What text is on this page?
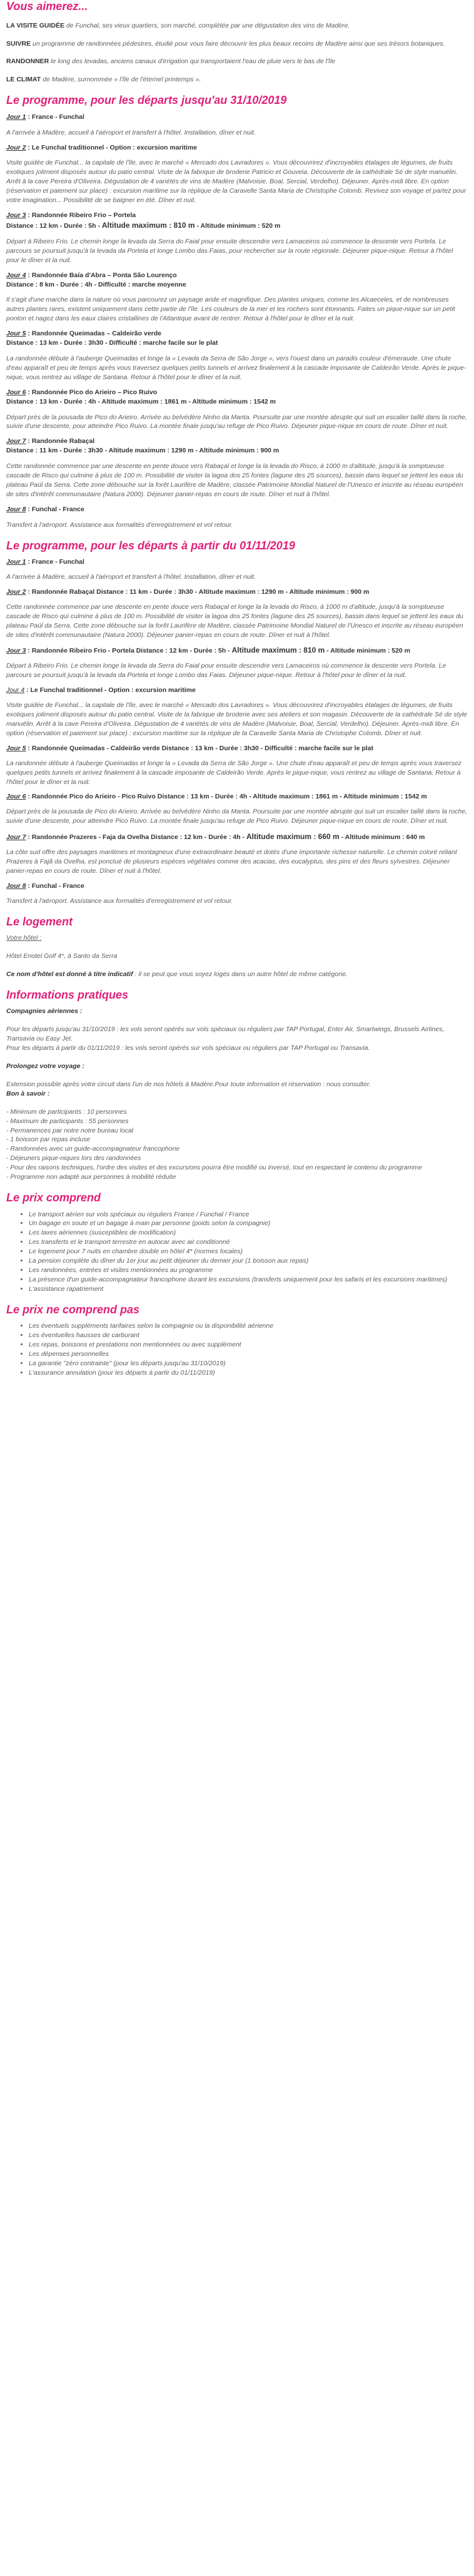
Vous aimerez...

LA VISITE GUIDÉE de Funchal, ses vieux quartiers, son marché, complétée par une dégustation des vins de Madère.

SUIVRE un programme de randonnées pédestres, étudié pour vous faire découvrir les plus beaux recoins de Madère ainsi que ses trésors botaniques.

RANDONNER le long des levadas, anciens canaux d'irrigation qui transportaient l'eau de pluie vers le bas de l'île

LE CLIMAT de Madère, surnommée « l'île de l'éternel printemps ».

Le programme, pour les départs jusqu'au 31/10/2019

Jour 1 : France - Funchal

A l'arrivée à Madère, accueil à l'aéroport et transfert à l'hôtel. Installation, dîner et nuit.

Jour 2 : Le Funchal traditionnel - Option : excursion maritime

Visite guidée de Funchal... la capitale de l'île, avec le marché « Mercado dos Lavradores ». Vous découvrirez d'incroyables étalages de légumes, de fruits exotiques joliment disposés autour du patio central. Visite de la fabrique de broderie Patricio et Gouveia. Découverte de la cathédrale Sé de style manuélin. Arrêt à la cave Pereira d'Oliveira. Dégustation de 4 variétés de vins de Madère (Malvoisie, Boal, Sercial, Verdelho). Déjeuner. Après-midi libre. En option (réservation et paiement sur place) : excursion maritime sur la réplique de la Caravelle Santa Maria de Christophe Colomb. Revivez son voyage et partez pour votre imagination... Possibilité de se baigner en été. Dîner et nuit.

Jour 3 : Randonnée Ribeiro Frio – Portela

Distance : 12 km - Durée : 5h - Altitude maximum : 810 m - Altitude minimum : 520 m

Départ à Ribeiro Frio. Le chemin longe la levada da Serra do Faial pour ensuite descendre vers Lamaceiros où commence la descente vers Portela. Le parcours se poursuit jusqu'à la levada da Portela et longe Lombo das Faias, pour rechercher sur la route régionale. Déjeuner pique-nique. Retour à l'hôtel pour le dîner et la nuit.

Jour 4 : Randonnée Baía d'Abra – Ponta São Lourenço

Distance : 8 km - Durée : 4h - Difficulté : marche moyenne

Il s'agit d'une marche dans la nature où vous parcourez un paysage aride et magnifique. Des plantes uniques, comme les Alcaeceles, et de nombreuses autres plantes rares, existent uniquement dans cette partie de l'île. Les couleurs de la mer et les rochers sont étonnants. Faites un pique-nique sur un petit ponton et nagez dans les eaux claires cristallines de l'Atlantique avant de rentrer. Retour à l'hôtel pour le dîner et la nuit.

Jour 5 : Randonnée Queimadas – Caldeirão verde

Distance : 13 km - Durée : 3h30 - Difficulté : marche facile sur le plat

La randonnée débute à l'auberge Queimadas et longe la « Levada da Serra de São Jorge », vers l'ouest dans un paradis couleur d'émeraude. Une chute d'eau apparaît et peu de temps après vous traversez quelques petits tunnels et arrivez finalement à la cascade imposante de Caldeirão Verde. Après le pique-nique, vous rentrez au village de Santana. Retour à l'hôtel pour le dîner et la nuit.

Jour 6 : Randonnée Pico do Arieiro – Pico Ruivo

Distance : 13 km - Durée : 4h - Altitude maximum : 1861 m - Altitude minimum : 1542 m

Départ près de la pousada de Pico do Arieiro. Arrivée au belvédère Ninho da Manta. Poursuite par une montée abrupte qui suit un escalier taillé dans la roche, suivie d'une descente, pour atteindre Pico Ruivo. La montée finale jusqu'au refuge de Pico Ruivo. Déjeuner pique-nique en cours de route. Dîner et nuit.

Jour 7 : Randonnée Rabaçal

Distance : 11 km - Durée : 3h30 - Altitude maximum : 1290 m - Altitude minimum : 900 m

Cette randonnée commence par une descente en pente douce vers Rabaçal et longe la la levada do Risco, à 1000 m d'altitude, jusqu'à la somptueuse cascade de Risco qui culmine à plus de 100 m. Possibilité de visiter la lagoa dos 25 fontes (lagune des 25 sources), bassin dans lequel se jettent les eaux du plateau Paúl da Serra. Cette zone débouche sur la forêt Laurifère de Madère, classée Patrimoine Mondial Naturel de l'Unesco et inscrite au réseau européen de sites d'intérêt communautaire (Natura 2000). Déjeuner panier-repas en cours de route. Dîner et nuit à l'hôtel.

Jour 8 : Funchal - France

Transfert à l'aéroport. Assistance aux formalités d'enregistrement et vol retour.

Le programme, pour les départs à partir du 01/11/2019

Jour 1 : France - Funchal

A l'arrivée à Madère, accueil à l'aéroport et transfert à l'hôtel. Installation, dîner et nuit.

Jour 2 : Randonnée Rabaçal Distance : 11 km - Durée : 3h30 - Altitude maximum : 1290 m - Altitude minimum : 900 m

Cette randonnée commence par une descente en pente douce vers Rabaçal et longe la la levada do Risco, à 1000 m d'altitude, jusqu'à la somptueuse cascade de Risco qui culmine à plus de 100 m. Possibilité de visiter la lagoa dos 25 fontes (lagune des 25 sources), bassin dans lequel se jettent les eaux du plateau Paúl da Serra. Cette zone débouche sur la forêt Laurifère de Madère, classée Patrimoine Mondial Naturel de l'Unesco et inscrite au réseau européen de sites d'intérêt communautaire (Natura 2000). Déjeuner panier-repas en cours de route. Dîner et nuit à l'hôtel.

Jour 3 : Randonnée Ribeiro Frio - Portela Distance : 12 km - Durée : 5h - Altitude maximum : 810 m - Altitude minimum : 520 m

Départ à Ribeiro Frio. Le chemin longe la levada da Serra do Faial pour ensuite descendre vers Lamaceiros où commence la descente vers Portela. Le parcours se poursuit jusqu'à la levada da Portela et longe Lombo das Faias. Déjeuner pique-nique. Retour à l'hôtel pour le dîner et la nuit.

Jour 4 : Le Funchal traditionnel - Option : excursion maritime

Visite guidée de Funchal... la capitale de l'île, avec le marché « Mercado dos Lavradores ». Vous découvrirez d'incroyables étalages de légumes, de fruits exotiques joliment disposés autour du patio central. Visite de la fabrique de broderie avec ses ateliers et son magasin. Découverte de la cathédrale Sé de style manuélin. Arrêt à la cave Pereira d'Oliveira. Dégustation de 4 variétés de vins de Madère (Malvoisie, Boal, Sercial, Verdelho). Déjeuner. Après-midi libre. En option (réservation et paiement sur place) : excursion maritime sur la réplique de la Caravelle Santa Maria de Christophe Colomb. Dîner et nuit.

Jour 5 : Randonnée Queimadas - Caldeirão verde Distance : 13 km - Durée : 3h30 - Difficulté : marche facile sur le plat

La randonnée débute à l'auberge Queimadas et longe la « Levada da Serra de São Jorge ». Une chute d'eau apparaît et peu de temps après vous traversez quelques petits tunnels et arrivez finalement à la cascade imposante de Caldeirão Verde. Après le pique-nique, vous rentrez au village de Santana. Retour à l'hôtel pour le dîner et la nuit.

Jour 6 : Randonnée Pico do Arieiro - Pico Ruivo Distance : 13 km - Durée : 4h - Altitude maximum : 1861 m - Altitude minimum : 1542 m

Départ près de la pousada de Pico do Arieiro. Arrivée au belvédère Ninho da Manta. Poursuite par une montée abrupte qui suit un escalier taillé dans la roche, suivie d'une descente, pour atteindre Pico Ruivo. La montée finale jusqu'au refuge de Pico Ruivo. Déjeuner pique-nique en cours de route. Dîner et nuit.

Jour 7 : Randonnée Prazeres - Faja da Ovelha Distance : 12 km - Durée : 4h - Altitude maximum : 660 m - Altitude minimum : 640 m

La côte sud offre des paysages maritimes et montagneux d'une extraordinaire beauté et dotés d'une importante richesse naturelle. Le chemin coloré reliant Prazeres à Fajã da Ovelha, est ponctué de plusieurs espèces végétales comme des acacias, des eucalyptus, des pins et des fleurs sylvestres. Déjeuner panier-repas en cours de route. Dîner et nuit à l'hôtel.

Jour 8 : Funchal - France

Transfert à l'aéroport. Assistance aux formalités d'enregistrement et vol retour.

Le logement

Votre hôtel :

Hôtel Enotel Golf 4*, à Santo da Serra

Ce nom d'hôtel est donné à titre indicatif : il se peut que vous soyez logés dans un autre hôtel de même catégorie.

Informations pratiques

Compagnies aériennes :

Pour les départs jusqu'au 31/10/2019 : les vols seront opérés sur vols spéciaux ou réguliers par TAP Portugal, Enter Air, Smartwings, Brussels Airlines, Transavia ou Easy Jet.
Pour les départs à partir du 01/11/2019 : les vols seront opérés sur vols spéciaux ou réguliers par TAP Portugal ou Transavia.

Prolongez votre voyage :

Extension possible après votre circuit dans l'un de nos hôtels à Madère.Pour toute information et réservation : nous consulter.

Bon à savoir :

- Minimum de participants : 10 personnes
- Maximum de participants : 55 personnes
- Permanences par notre notre bureau local
- 1 boisson par repas incluse
- Randonnées avec un guide-accompagnateur francophone
- Déjeuners pique-niques lors des randonnées
- Pour des raisons techniques, l'ordre des visites et des excursions pourra être modifié ou inversé, tout en respectant le contenu du programme
- Programme non adapté aux personnes à mobilité réduite
Le prix comprend
• Le transport aérien sur vols spéciaux ou réguliers France / Funchal / France
• Un bagage en soute et un bagage à main par personne (poids selon la compagnie)
• Les taxes aériennes (susceptibles de modification)
• Les transferts et le transport terrestre en autocar avec air conditionné
• Le logement pour 7 nuits en chambre double en hôtel 4* (normes locales)
• La pension complète du dîner du 1er jour au petit déjeuner du dernier jour (1 boisson aux repas)
• Les randonnées, entrées et visites mentionnées au programme
• La présence d'un guide-accompagnateur francophone durant les excursions (transferts uniquement pour les safaris et les excursions maritimes)
• L'assistance rapatriement
Le prix ne comprend pas
• Les éventuels suppléments tarifaires selon la compagnie ou la disponibilité aérienne
• Les éventuelles hausses de carburant
• Les repas, boissons et prestations non mentionnées ou avec supplément
• Les dépenses personnelles
• La garantie "zéro contrainte" (pour les départs jusqu'au 31/10/2019)
• L'assurance annulation (pour les départs à partir du 01/11/2019)
